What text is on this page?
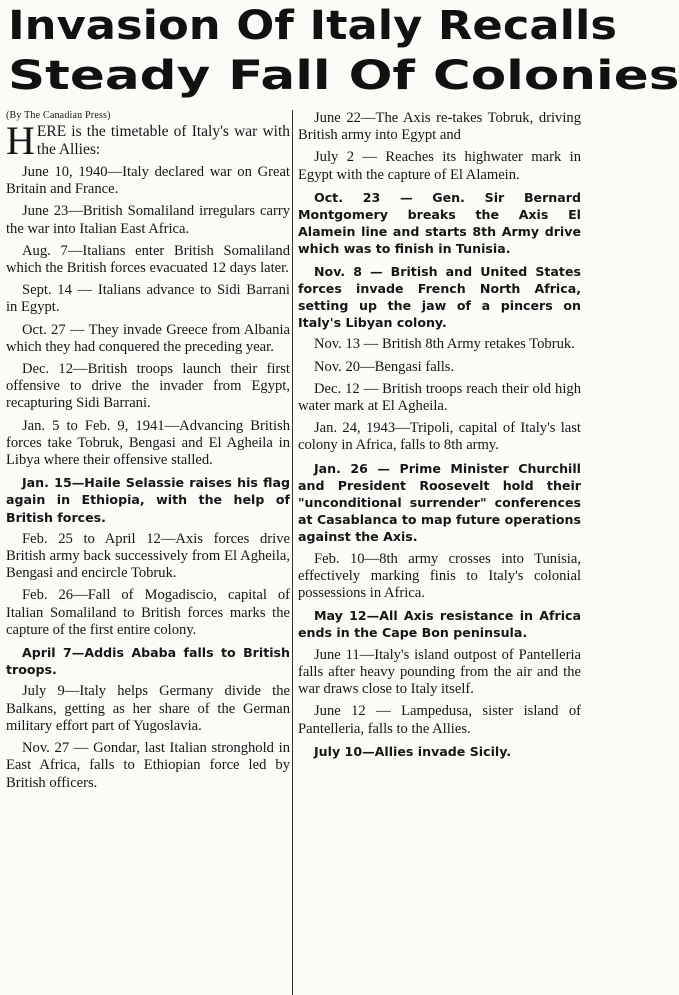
Invasion Of Italy Recalls
Steady Fall Of Colonies
(By The Canadian Press)

HERE is the timetable of Italy's war with the Allies:

June 10, 1940—Italy declared war on Great Britain and France.

June 23—British Somaliland irregulars carry the war into Italian East Africa.

Aug. 7—Italians enter British Somaliland which the British forces evacuated 12 days later.

Sept. 14 — Italians advance to Sidi Barrani in Egypt.

Oct. 27 — They invade Greece from Albania which they had conquered the preceding year.

Dec. 12—British troops launch their first offensive to drive the invader from Egypt, recapturing Sidi Barrani.

Jan. 5 to Feb. 9, 1941—Advancing British forces take Tobruk, Bengasi and El Agheila in Libya where their offensive stalled.

Jan. 15—Haile Selassie raises his flag again in Ethiopia, with the help of British forces.

Feb. 25 to April 12—Axis forces drive British army back successively from El Agheila, Bengasi and encircle Tobruk.

Feb. 26—Fall of Mogadiscio, capital of Italian Somaliland to British forces marks the capture of the first entire colony.

April 7—Addis Ababa falls to British troops.

July 9—Italy helps Germany divide the Balkans, getting as her share of the German military effort part of Yugoslavia.

Nov. 27 — Gondar, last Italian stronghold in East Africa, falls to Ethiopian force led by British officers.

June 22—The Axis re-takes Tobruk, driving British army into Egypt and

July 2 — Reaches its highwater mark in Egypt with the capture of El Alamein.

Oct. 23 — Gen. Sir Bernard Montgomery breaks the Axis El Alamein line and starts 8th Army drive which was to finish in Tunisia.

Nov. 8 — British and United States forces invade French North Africa, setting up the jaw of a pincers on Italy's Libyan colony.

Nov. 13 — British 8th Army retakes Tobruk.

Nov. 20—Bengasi falls.

Dec. 12 — British troops reach their old high water mark at El Agheila.

Jan. 24, 1943—Tripoli, capital of Italy's last colony in Africa, falls to 8th army.

Jan. 26 — Prime Minister Churchill and President Roosevelt hold their "unconditional surrender" conferences at Casablanca to map future operations against the Axis.

Feb. 10—8th army crosses into Tunisia, effectively marking finis to Italy's colonial possessions in Africa.

May 12—All Axis resistance in Africa ends in the Cape Bon peninsula.

June 11—Italy's island outpost of Pantelleria falls after heavy pounding from the air and the war draws close to Italy itself.

June 12 — Lampedusa, sister island of Pantelleria, falls to the Allies.

July 10—Allies invade Sicily.
